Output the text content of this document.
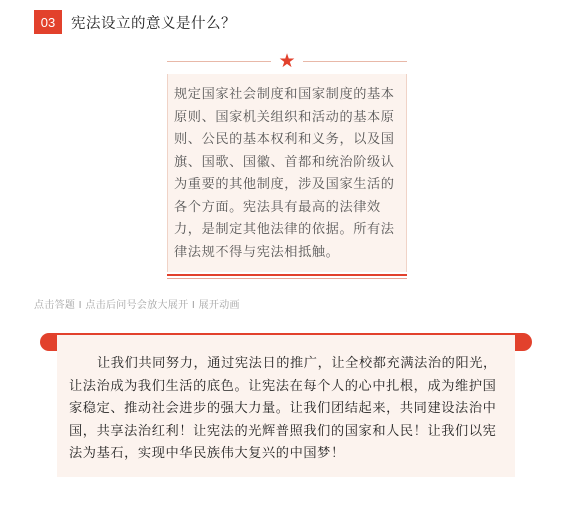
03	宪法设立的意义是什么？
★
规定国家社会制度和国家制度的基本原则、国家机关组织和活动的基本原则、公民的基本权利和义务，以及国旗、国歌、国徽、首都和统治阶级认为重要的其他制度，涉及国家生活的各个方面。宪法具有最高的法律效力，是制定其他法律的依据。所有法律法规不得与宪法相抵触。
点击答题 I 点击后问号会放大展开 I 展开动画
让我们共同努力，通过宪法日的推广，让全校都充满法治的阳光，让法治成为我们生活的底色。让宪法在每个人的心中扎根，成为维护国家稳定、推动社会进步的强大力量。让我们团结起来，共同建设法治中国，共享法治红利！让宪法的光辉普照我们的国家和人民！让我们以宪法为基石，实现中华民族伟大复兴的中国梦！
